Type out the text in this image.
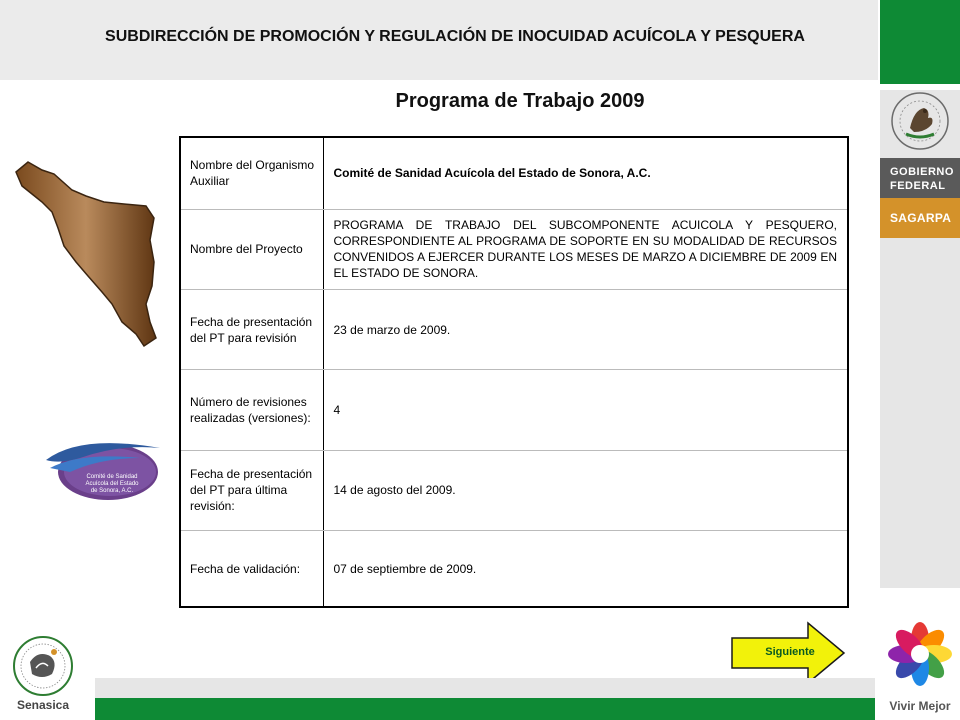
SUBDIRECCIÓN DE PROMOCIÓN Y REGULACIÓN DE INOCUIDAD ACUÍCOLA Y PESQUERA
GOBIERNO
FEDERAL
SAGARPA
Programa de Trabajo 2009
Comité de Sanidad
Acuícola del Estado
de Sonora, A.C.
Nombre del Organismo Auxiliar	Comité de Sanidad Acuícola del Estado de Sonora, A.C.
Nombre del Proyecto	PROGRAMA DE TRABAJO DEL SUBCOMPONENTE ACUICOLA Y PESQUERO, CORRESPONDIENTE AL PROGRAMA DE SOPORTE EN SU MODALIDAD DE RECURSOS CONVENIDOS A EJERCER DURANTE LOS MESES DE MARZO A DICIEMBRE DE 2009 EN EL ESTADO DE SONORA.
Fecha de presentación del PT para revisión	23 de marzo de 2009.
Número de revisiones realizadas (versiones):	4
Fecha de presentación del PT para última revisión:	14 de agosto del 2009.
Fecha de validación:	07 de septiembre de 2009.
Siguiente
Senasica	Vivir Mejor
